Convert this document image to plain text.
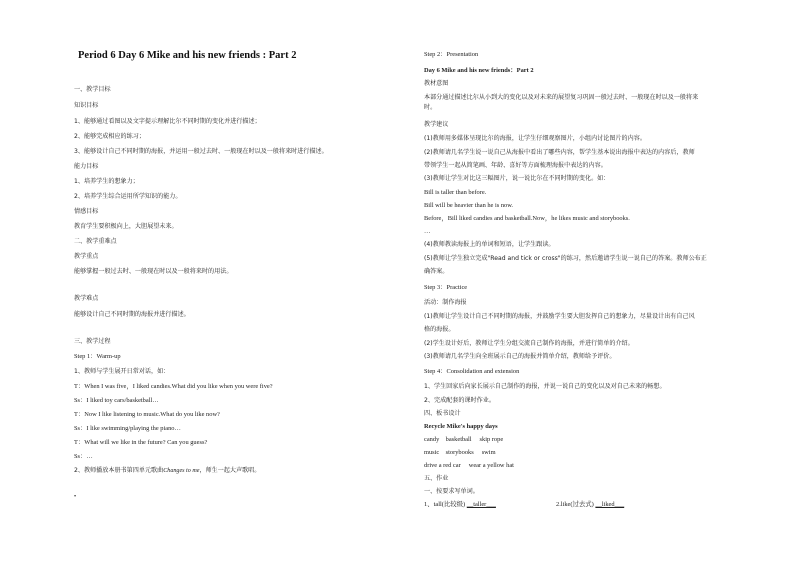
Period 6 Day 6 Mike and his new friends : Part 2
一、教学目标
知识目标
1、能够通过看图以及文字提示理解比尔不同时期的变化并进行描述；
2、能够完成相应的练习；
3、能够设计自己不同时期的海报，并运用一般过去时、一般现在时以及一般将来时进行描述。
能力目标
1、培养学生的想象力；
2、培养学生综合运用所学知识的能力。
情感目标
教育学生要积极向上，大胆展望未来。
二、教学重难点
教学重点
能够掌握一般过去时、一般现在时以及一般将来时的用法。
教学难点
能够设计自己不同时期的海报并进行描述。
三、教学过程
Step 1：Warm-up
1、教师与学生展开日常对话，如：
T：When I was five，I liked candies.What did you like when you were five?
Ss：I liked toy cars/basketball…
T：Now I like listening to music.What do you like now?
Ss：I like swimming/playing the piano…
T：What will we like in the future? Can you guess?
Ss：…
2、教师播放本册书第四单元歌曲Changes to me，师生一起大声歌唱。
•
Step 2：Presentation
Day 6 Mike and his new friends：Part 2
教材意图
本部分通过描述比尔从小到大的变化以及对未来的展望复习巩固一般过去时、一般现在时以及一般将来
时。
教学建议
(1)教师用多媒体呈现比尔的海报，让学生仔细观察图片，小组内讨论图片的内容。
(2)教师请几名学生说一说自己从海报中看出了哪些内容，帮学生基本说出海报中表达的内容后，教师
带领学生一起从简笔画、年龄、喜好等方面梳理海报中表达的内容。
(3)教师让学生对比这三幅图片，说一说比尔在不同时期的变化。如：
Bill is taller than before.
Bill will be heavier than he is now.
Before，Bill liked candies and basketball.Now，he likes music and storybooks.
…
(4)教师教读海报上的单词和短语，让学生跟读。
(5)教师让学生独立完成"Read and tick or cross"的练习，然后邀请学生说一说自己的答案。教师公布正
确答案。
Step 3：Practice
活动：制作海报
(1)教师让学生设计自己不同时期的海报，并鼓励学生要大胆发挥自己的想象力，尽量设计出有自己风
格的海报。
(2)学生设计好后，教师让学生分组交流自己制作的海报，并进行简单的介绍。
(3)教师请几名学生向全班展示自己的海报并简单介绍，教师给予评价。
Step 4：Consolidation and extension
1、学生回家后向家长展示自己制作的海报，并说一说自己的变化以及对自己未来的畅想。
2、完成配套的课时作业。
四、板书设计
Recycle Mike's happy days
candy    basketball     skip rope
music    storybooks     swim
drive a red car     wear a yellow hat
五、作业
一、按要求写单词。
1、tall(比较级) __taller___	2.like(过去式) __liked___
